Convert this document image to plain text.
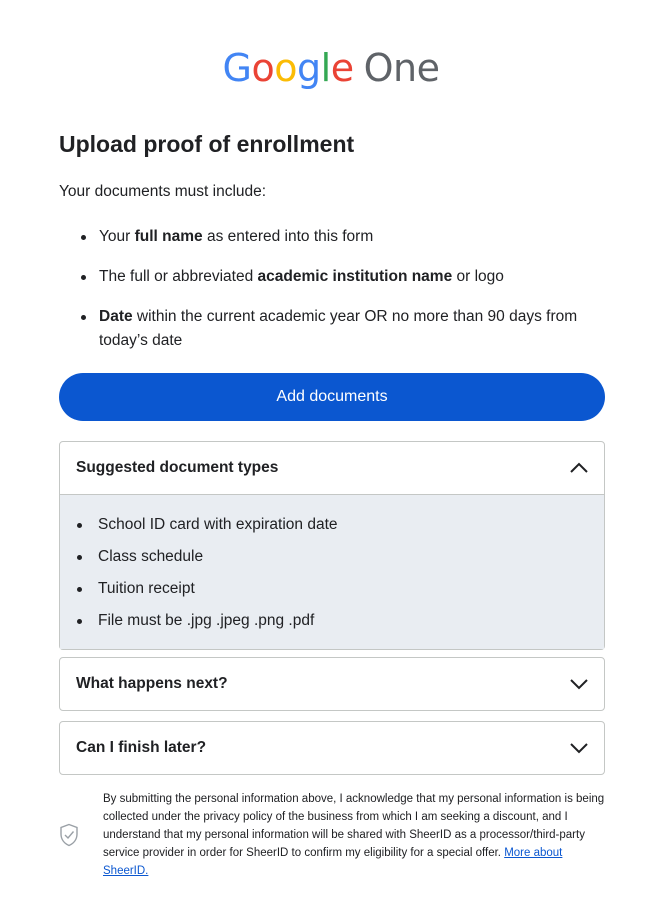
Google One
Upload proof of enrollment

Your documents must include:

Your full name as entered into this form
The full or abbreviated academic institution name or logo
Date within the current academic year OR no more than 90 days from today’s date
Add documents
Suggested document types
School ID card with expiration date
Class schedule
Tuition receipt
File must be .jpg .jpeg .png .pdf
What happens next?
Can I finish later?

By submitting the personal information above, I acknowledge that my personal information is being collected under the privacy policy of the business from which I am seeking a discount, and I understand that my personal information will be shared with SheerID as a processor/third-party service provider in order for SheerID to confirm my eligibility for a special offer. More about SheerID.
